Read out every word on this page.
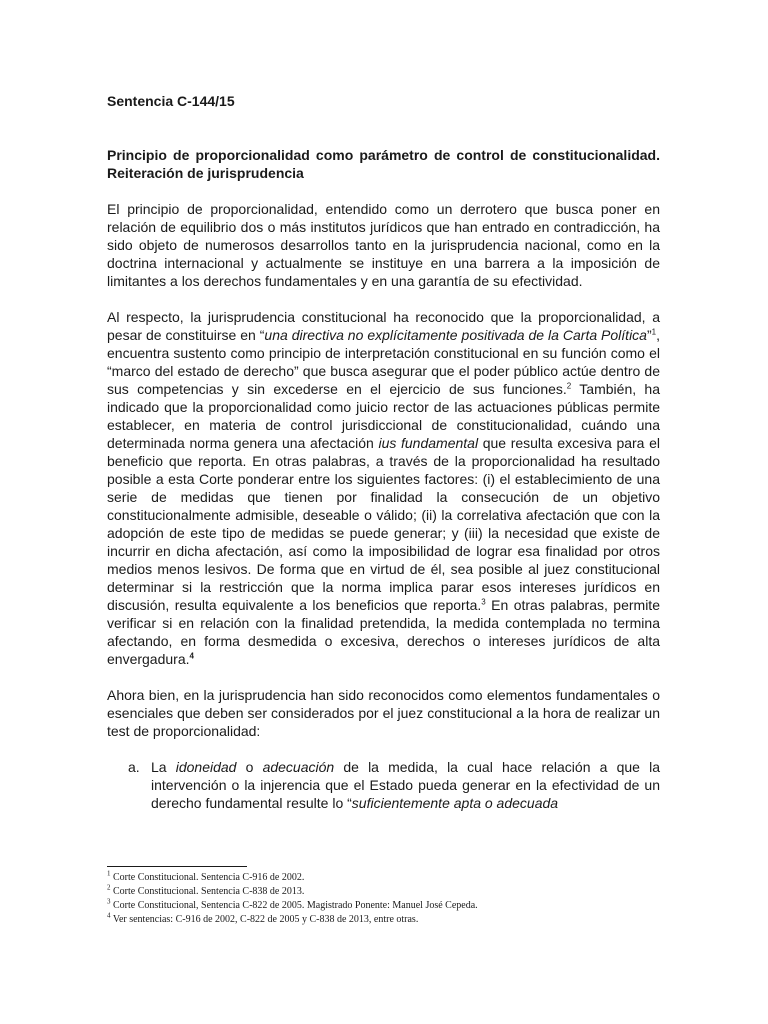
Sentencia C-144/15

Principio de proporcionalidad como parámetro de control de constitucionalidad. Reiteración de jurisprudencia

El principio de proporcionalidad, entendido como un derrotero que busca poner en relación de equilibrio dos o más institutos jurídicos que han entrado en contradicción, ha sido objeto de numerosos desarrollos tanto en la jurisprudencia nacional, como en la doctrina internacional y actualmente se instituye en una barrera a la imposición de limitantes a los derechos fundamentales y en una garantía de su efectividad.

Al respecto, la jurisprudencia constitucional ha reconocido que la proporcionalidad, a pesar de constituirse en “una directiva no explícitamente positivada de la Carta Política”$^1$, encuentra sustento como principio de interpretación constitucional en su función como el “marco del estado de derecho” que busca asegurar que el poder público actúe dentro de sus competencias y sin excederse en el ejercicio de sus funciones.$^2$ También, ha indicado que la proporcionalidad como juicio rector de las actuaciones públicas permite establecer, en materia de control jurisdiccional de constitucionalidad, cuándo una determinada norma genera una afectación ius fundamental que resulta excesiva para el beneficio que reporta. En otras palabras, a través de la proporcionalidad ha resultado posible a esta Corte ponderar entre los siguientes factores: (i) el establecimiento de una serie de medidas que tienen por finalidad la consecución de un objetivo constitucionalmente admisible, deseable o válido; (ii) la correlativa afectación que con la adopción de este tipo de medidas se puede generar; y (iii) la necesidad que existe de incurrir en dicha afectación, así como la imposibilidad de lograr esa finalidad por otros medios menos lesivos. De forma que en virtud de él, sea posible al juez constitucional determinar si la restricción que la norma implica parar esos intereses jurídicos en discusión, resulta equivalente a los beneficios que reporta.$^3$ En otras palabras, permite verificar si en relación con la finalidad pretendida, la medida contemplada no termina afectando, en forma desmedida o excesiva, derechos o intereses jurídicos de alta envergadura.$^4$

Ahora bien, en la jurisprudencia han sido reconocidos como elementos fundamentales o esenciales que deben ser considerados por el juez constitucional a la hora de realizar un test de proporcionalidad:

a. La idoneidad o adecuación de la medida, la cual hace relación a que la intervención o la injerencia que el Estado pueda generar en la efectividad de un derecho fundamental resulte lo “suficientemente apta o adecuada
$^1$ Corte Constitucional. Sentencia C-916 de 2002.
$^2$ Corte Constitucional. Sentencia C-838 de 2013.
$^3$ Corte Constitucional, Sentencia C-822 de 2005. Magistrado Ponente: Manuel José Cepeda.
$^4$ Ver sentencias: C-916 de 2002, C-822 de 2005 y C-838 de 2013, entre otras.
